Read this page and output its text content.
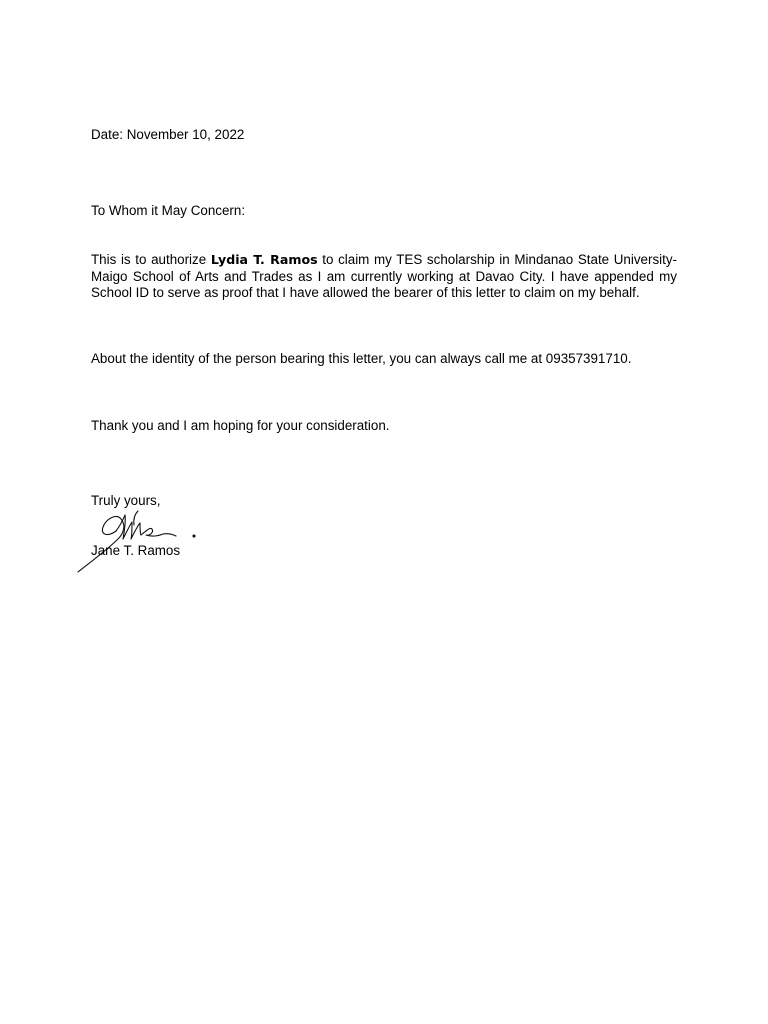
Date: November 10, 2022
To Whom it May Concern:
This is to authorize Lydia T. Ramos to claim my TES scholarship in Mindanao State University-Maigo School of Arts and Trades as I am currently working at Davao City. I have appended my School ID to serve as proof that I have allowed the bearer of this letter to claim on my behalf.
About the identity of the person bearing this letter, you can always call me at 09357391710.
Thank you and I am hoping for your consideration.
Truly yours,
Jane T. Ramos
